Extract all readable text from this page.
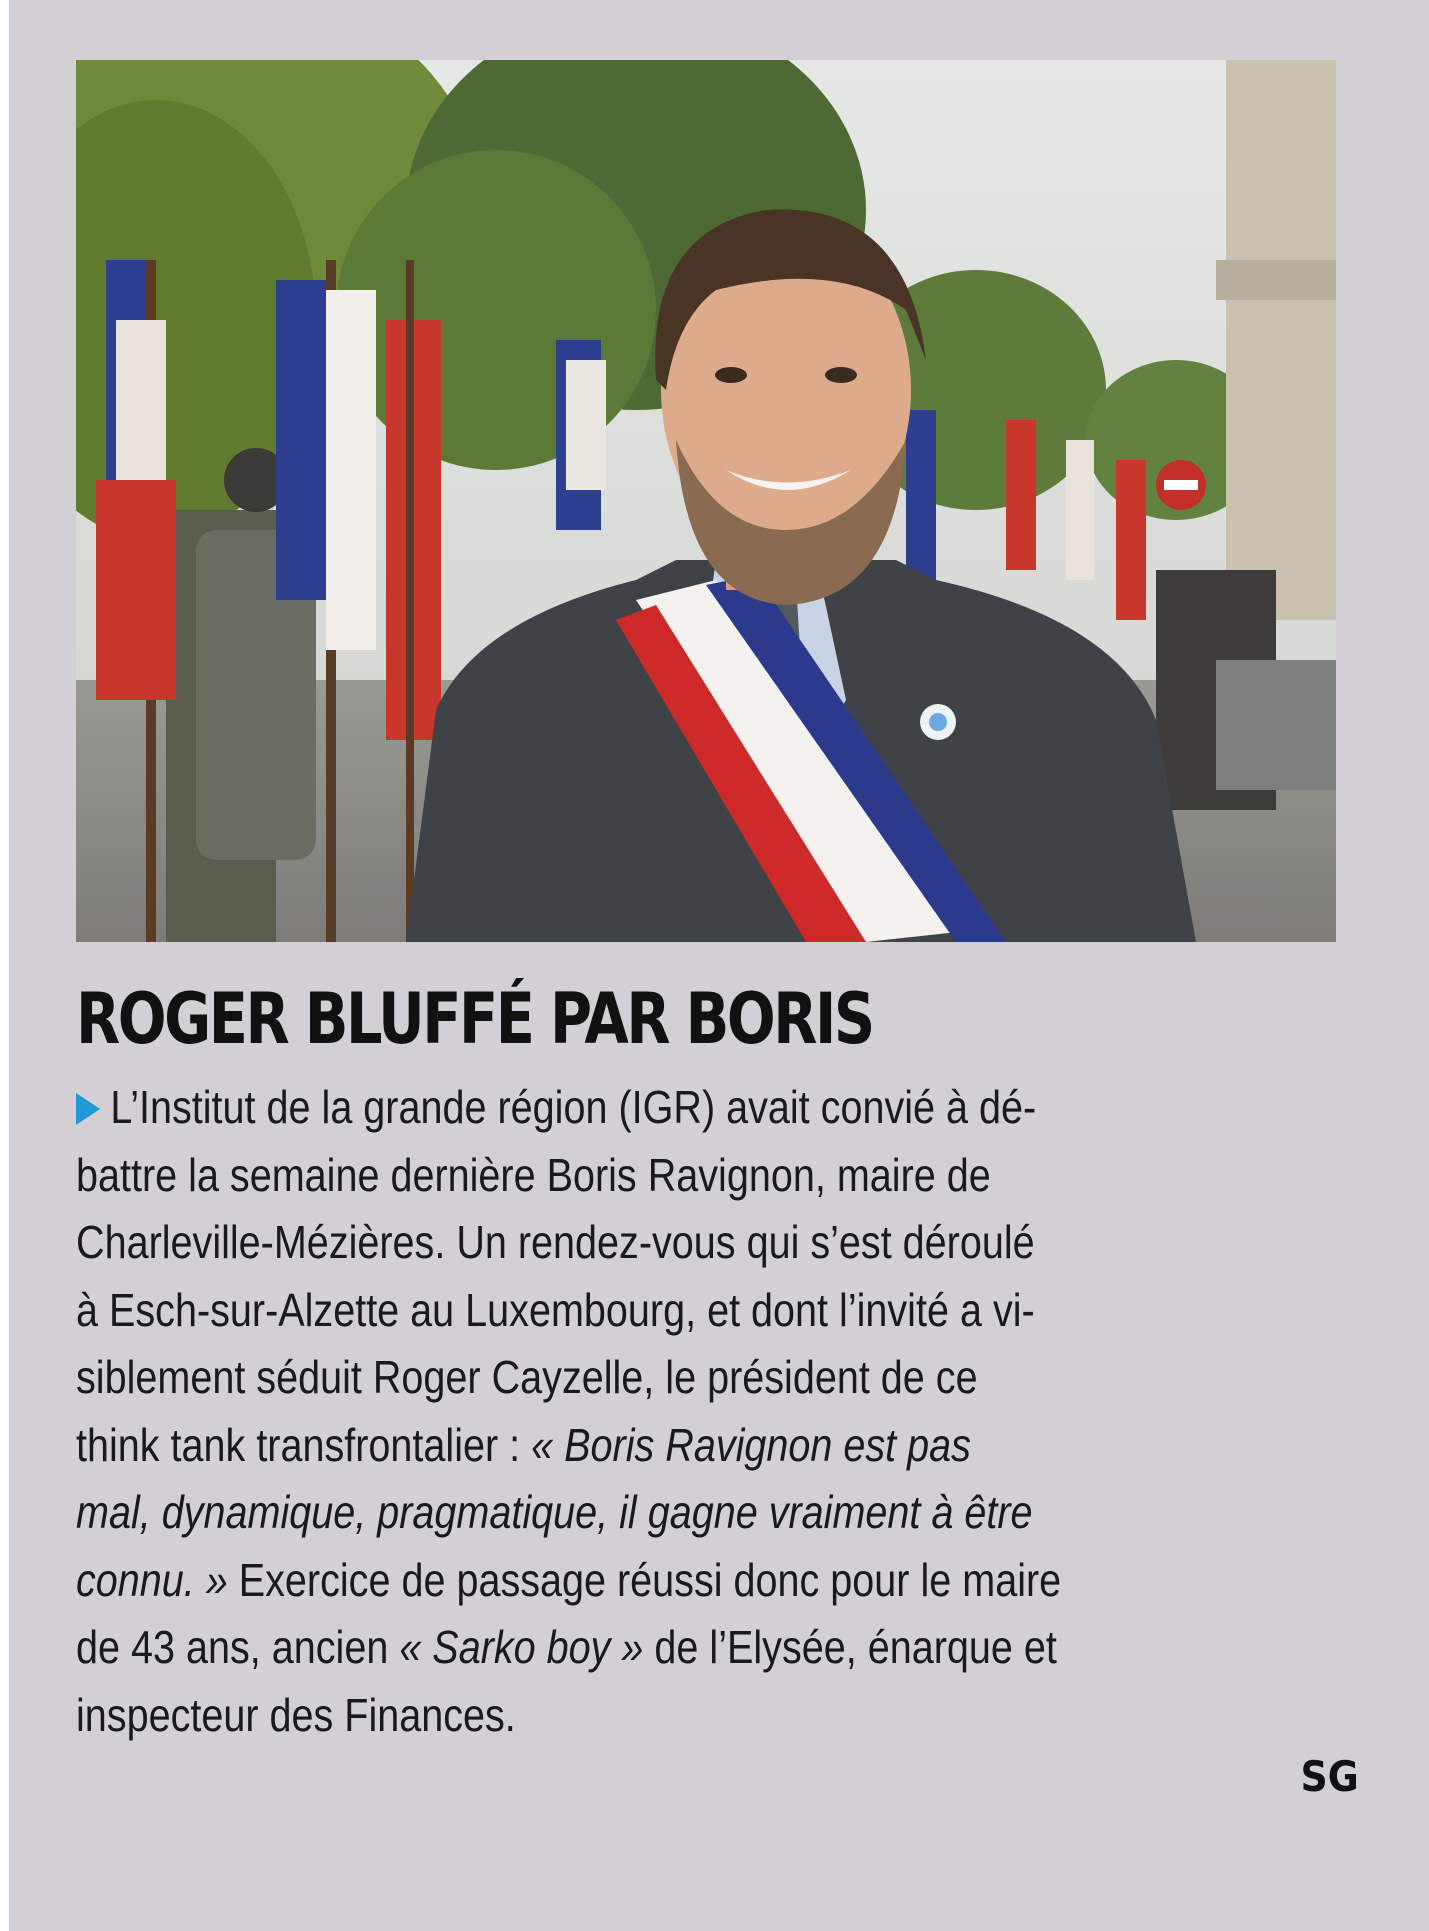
ROGER BLUFFÉ PAR BORIS
L’Institut de la grande région (IGR) avait convié à dé-
battre la semaine dernière Boris Ravignon, maire de
Charleville-Mézières. Un rendez-vous qui s’est déroulé
à Esch-sur-Alzette au Luxembourg, et dont l’invité a vi-
siblement séduit Roger Cayzelle, le président de ce
think tank transfrontalier : « Boris Ravignon est pas
mal, dynamique, pragmatique, il gagne vraiment à être
connu. » Exercice de passage réussi donc pour le maire
de 43 ans, ancien « Sarko boy » de l’Elysée, énarque et
inspecteur des Finances.

SG
